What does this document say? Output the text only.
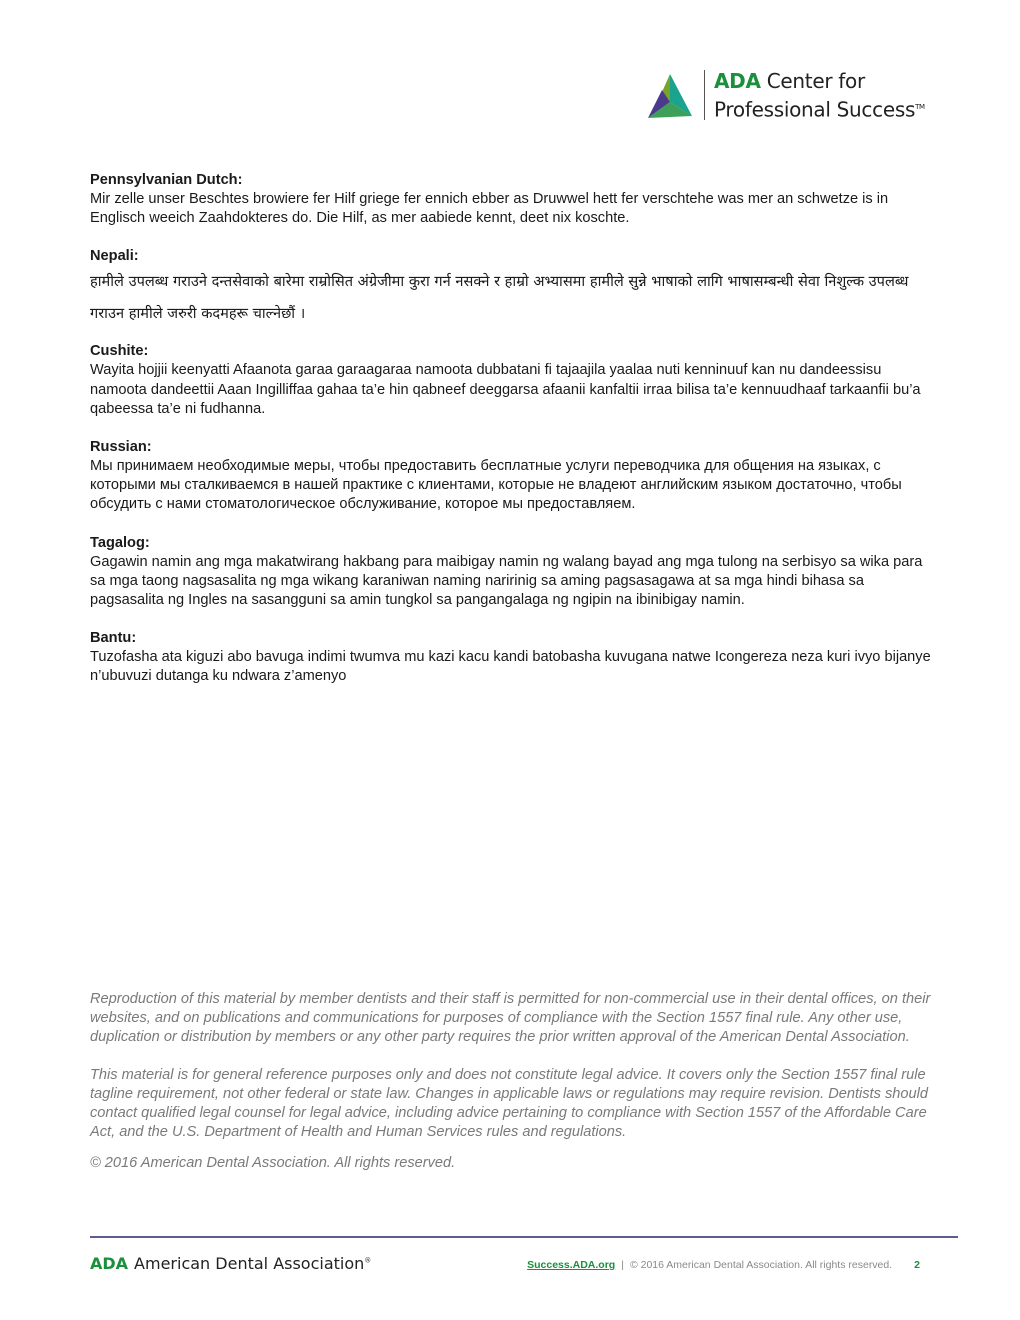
ADA Center for
Professional Success™
Pennsylvanian Dutch:

Mir zelle unser Beschtes browiere fer Hilf griege fer ennich ebber as Druwwel hett fer verschtehe was mer an schwetze is in Englisch weeich Zaahdokteres do. Die Hilf, as mer aabiede kennt, deet nix koschte.

Nepali:

हामीले उपलब्ध गराउने दन्तसेवाको बारेमा राम्रोसित अंग्रेजीमा कुरा गर्न नसक्ने र हाम्रो अभ्यासमा हामीले सुन्ने भाषाको लागि भाषासम्बन्धी सेवा निशुल्क उपलब्ध गराउन हामीले जरुरी कदमहरू चाल्नेछौं ।

Cushite:

Wayita hojjii keenyatti Afaanota garaa garaagaraa namoota dubbatani fi tajaajila yaalaa nuti kenninuuf kan nu dandeessisu namoota dandeettii Aaan Ingilliffaa gahaa ta’e hin qabneef deeggarsa afaanii kanfaltii irraa bilisa ta’e kennuudhaaf tarkaanfii bu’a qabeessa ta’e ni fudhanna.

Russian:

Мы принимаем необходимые меры, чтобы предоставить бесплатные услуги переводчика для общения на языках, с которыми мы сталкиваемся в нашей практике с клиентами, которые не владеют английским языком достаточно, чтобы обсудить с нами стоматологическое обслуживание, которое мы предоставляем.

Tagalog:

Gagawin namin ang mga makatwirang hakbang para maibigay namin ng walang bayad ang mga tulong na serbisyo sa wika para sa mga taong nagsasalita ng mga wikang karaniwan naming naririnig sa aming pagsasagawa at sa mga hindi bihasa sa pagsasalita ng Ingles na sasangguni sa amin tungkol sa pangangalaga ng ngipin na ibinibigay namin.

Bantu:

Tuzofasha ata kiguzi abo bavuga indimi twumva mu kazi kacu kandi batobasha kuvugana natwe Icongereza neza kuri ivyo bijanye n’ubuvuzi dutanga ku ndwara z’amenyo

Reproduction of this material by member dentists and their staff is permitted for non-commercial use in their dental offices, on their websites, and on publications and communications for purposes of compliance with the Section 1557 final rule. Any other use, duplication or distribution by members or any other party requires the prior written approval of the American Dental Association.

This material is for general reference purposes only and does not constitute legal advice. It covers only the Section 1557 final rule tagline requirement, not other federal or state law. Changes in applicable laws or regulations may require revision. Dentists should contact qualified legal counsel for legal advice, including advice pertaining to compliance with Section 1557 of the Affordable Care Act, and the U.S. Department of Health and Human Services rules and regulations.

© 2016 American Dental Association. All rights reserved.

ADA American Dental Association®	Success.ADA.org | © 2016 American Dental Association. All rights reserved. 2
